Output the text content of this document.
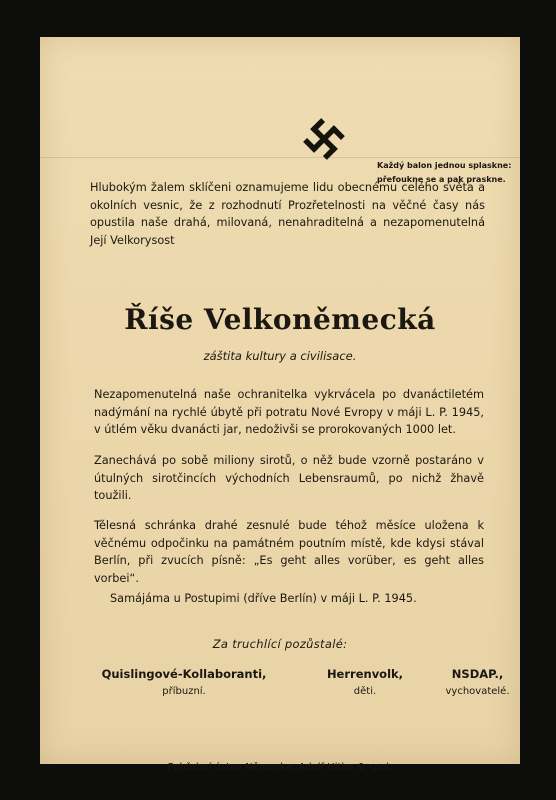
Každý balon jednou splaskne:
přefoukne se a pak praskne.
Hlubokým žalem sklíčeni oznamujeme lidu obecnému celého světa a okolních vesnic, že z rozhodnutí Prozřetelnosti na věčné časy nás opustila naše drahá, milovaná, nenahraditelná a nezapomenutelná Její Velkorysost
Říše Velkoněmecká
záštita kultury a civilisace.
Nezapomenutelná naše ochranitelka vykrvácela po dvanáctiletém nadýmání na rychlé úbytě při potratu Nové Evropy v máji L. P. 1945, v útlém věku dvanácti jar, nedoživši se prorokovaných 1000 let.
Zanechává po sobě miliony sirotů, o něž bude vzorně postaráno v útulných sirotčincích východních Lebensraumů, po nichž žhavě toužili.
Tělesná schránka drahé zesnulé bude téhož měsíce uložena k věčnému odpočinku na památném poutním místě, kde kdysi stával Berlín, při zvucích písně: „Es geht alles vorüber, es geht alles vorbei“.
Samájáma u Postupimi (dříve Berlín) v máji L. P. 1945.
Za truchlící pozůstalé:
Quislingové-Kollaboranti,
příbuzní.
Herrenvolk,
děti.
NSDAP.,
vychovatelé.
Pohřební ústav Německa: Adolf Hitler & spol.
